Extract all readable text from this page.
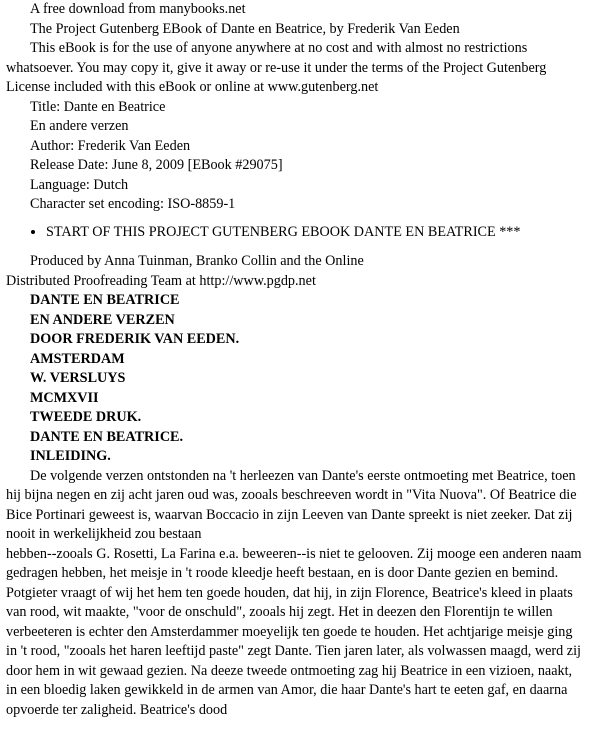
A free download from manybooks.net

The Project Gutenberg EBook of Dante en Beatrice, by Frederik Van Eeden

This eBook is for the use of anyone anywhere at no cost and with almost no restrictions whatsoever. You may copy it, give it away or re-use it under the terms of the Project Gutenberg License included with this eBook or online at www.gutenberg.net

Title: Dante en Beatrice

En andere verzen

Author: Frederik Van Eeden

Release Date: June 8, 2009 [EBook #29075]

Language: Dutch

Character set encoding: ISO-8859-1

• START OF THIS PROJECT GUTENBERG EBOOK DANTE EN BEATRICE ***

Produced by Anna Tuinman, Branko Collin and the Online

Distributed Proofreading Team at http://www.pgdp.net

DANTE EN BEATRICE

EN ANDERE VERZEN

DOOR FREDERIK VAN EEDEN.

AMSTERDAM

W. VERSLUYS

MCMXVII

TWEEDE DRUK.

DANTE EN BEATRICE.

INLEIDING.

De volgende verzen ontstonden na 't herleezen van Dante's eerste ontmoeting met Beatrice, toen hij bijna negen en zij acht jaren oud was, zooals beschreeven wordt in "Vita Nuova". Of Beatrice die Bice Portinari geweest is, waarvan Boccacio in zijn Leeven van Dante spreekt is niet zeeker. Dat zij nooit in werkelijkheid zou bestaan

hebben--zooals G. Rosetti, La Farina e.a. beweeren--is niet te gelooven. Zij mooge een anderen naam gedragen hebben, het meisje in 't roode kleedje heeft bestaan, en is door Dante gezien en bemind. Potgieter vraagt of wij het hem ten goede houden, dat hij, in zijn Florence, Beatrice's kleed in plaats van rood, wit maakte, "voor de onschuld", zooals hij zegt. Het in deezen den Florentijn te willen verbeeteren is echter den Amsterdammer moeyelijk ten goede te houden. Het achtjarige meisje ging in 't rood, "zooals het haren leeftijd paste" zegt Dante. Tien jaren later, als volwassen maagd, werd zij door hem in wit gewaad gezien. Na deeze tweede ontmoeting zag hij Beatrice in een vizioen, naakt, in een bloedig laken gewikkeld in de armen van Amor, die haar Dante's hart te eeten gaf, en daarna opvoerde ter zaligheid. Beatrice's dood
